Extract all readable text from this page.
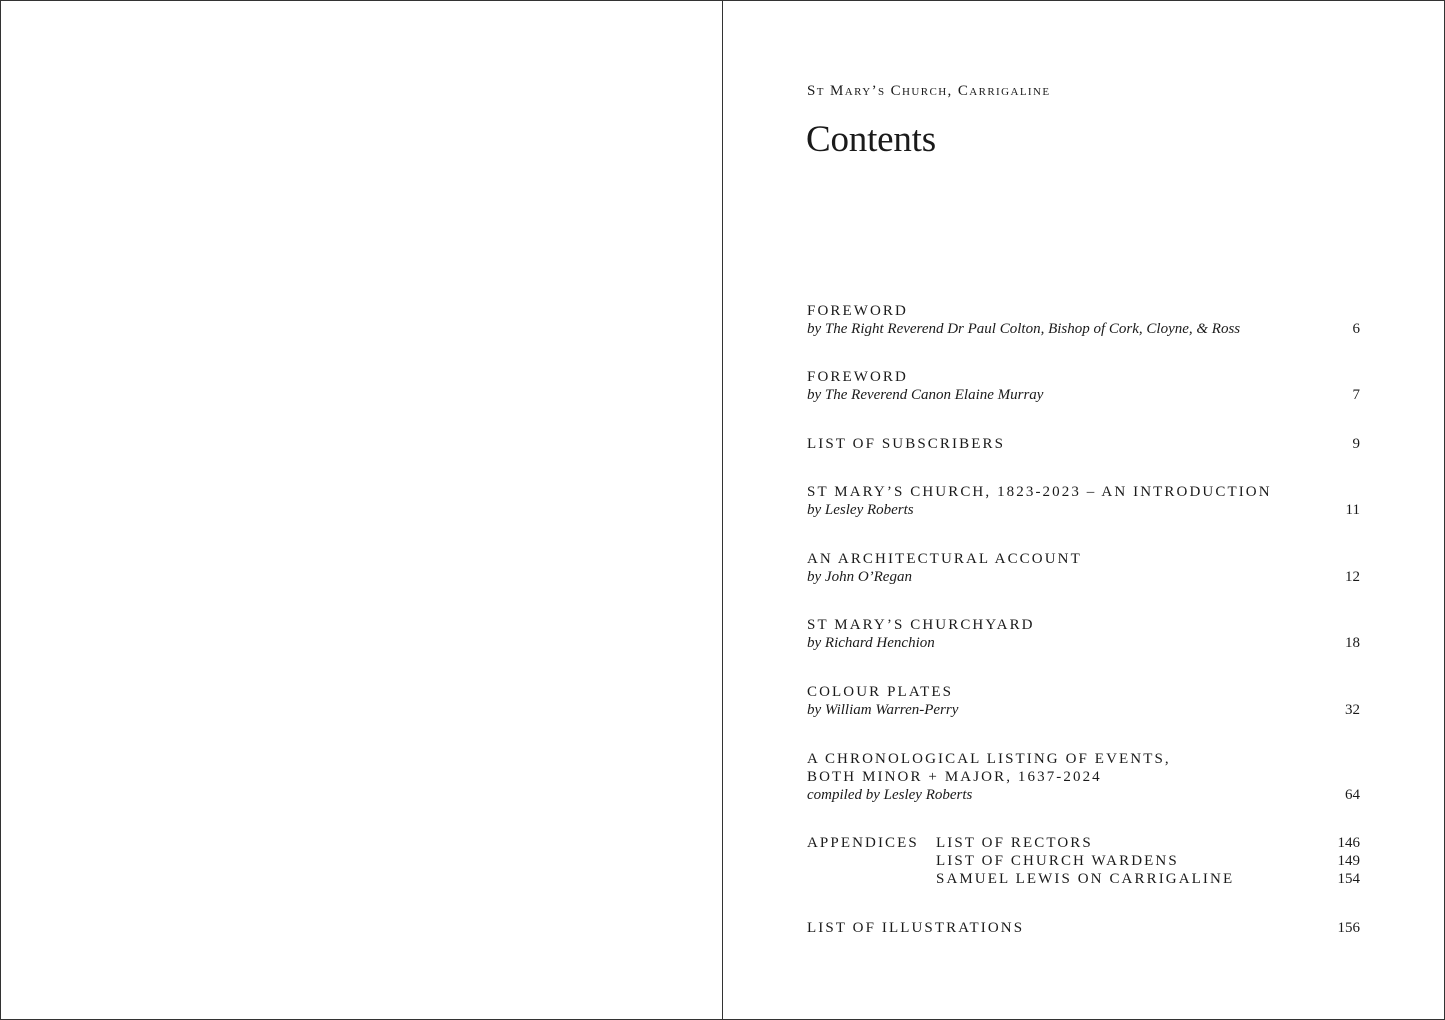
St Mary’s Church, Carrigaline
Contents
FOREWORD
by The Right Reverend Dr Paul Colton, Bishop of Cork, Cloyne, & Ross	6
FOREWORD
by The Reverend Canon Elaine Murray	7
LIST OF SUBSCRIBERS	9
ST MARY’S CHURCH, 1823-2023 – AN INTRODUCTION
by Lesley Roberts	11
AN ARCHITECTURAL ACCOUNT
by John O’Regan	12
ST MARY’S CHURCHYARD
by Richard Henchion	18
COLOUR PLATES
by William Warren-Perry	32
A CHRONOLOGICAL LISTING OF EVENTS,
BOTH MINOR + MAJOR, 1637-2024
compiled by Lesley Roberts	64
APPENDICES LIST OF RECTORS	146
LIST OF CHURCH WARDENS	149
SAMUEL LEWIS ON CARRIGALINE	154
LIST OF ILLUSTRATIONS	156
